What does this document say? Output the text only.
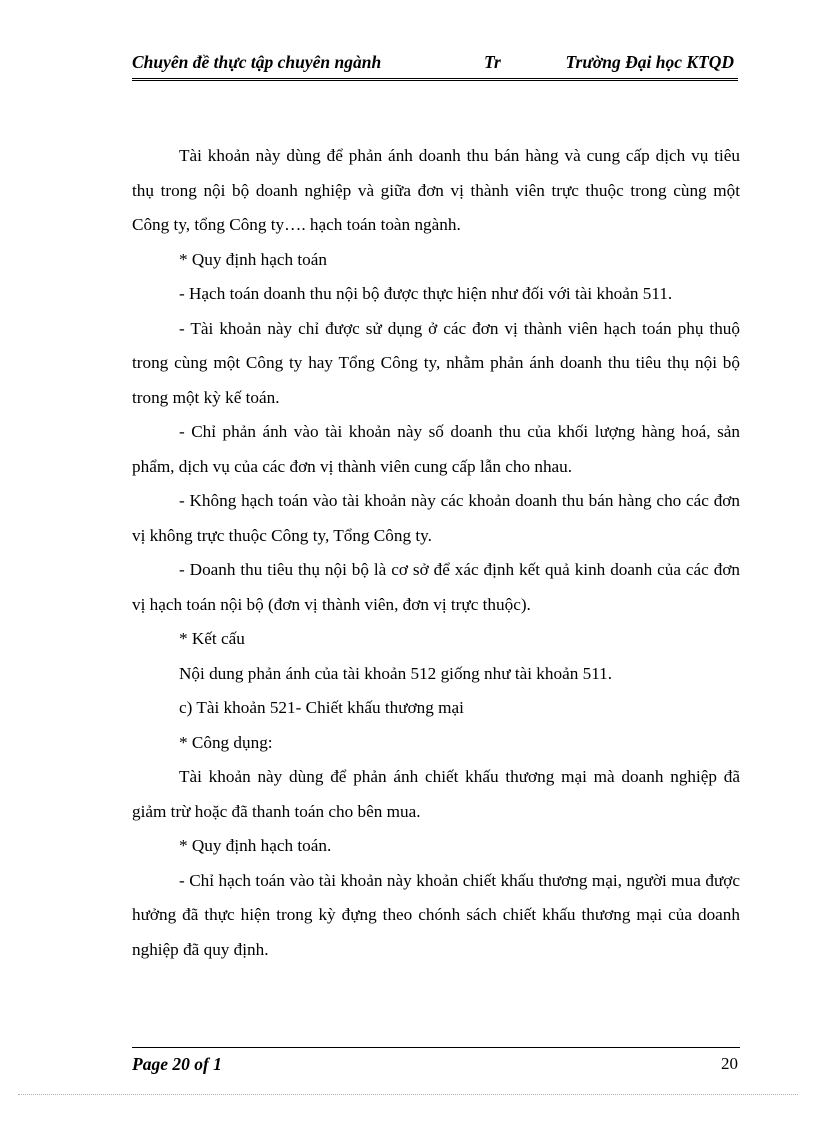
Chuyên đề thực tập chuyên ngành	Tr	Trường Đại học KTQD

Tài khoản này dùng để phản ánh doanh thu bán hàng và cung cấp dịch vụ tiêu thụ trong nội bộ doanh nghiệp và giữa đơn vị thành viên trực thuộc trong cùng một Công ty, tổng Công ty…. hạch toán toàn ngành.

* Quy định hạch toán

- Hạch toán doanh thu nội bộ được thực hiện như đối với tài khoản 511.

- Tài khoản này chỉ được sử dụng ở các đơn vị thành viên hạch toán phụ thuộ trong cùng một Công ty hay Tổng Công ty, nhằm phản ánh doanh thu tiêu thụ nội bộ trong một kỳ kế toán.

- Chỉ phản ánh vào tài khoản này số doanh thu của khối lượng hàng hoá, sản phẩm, dịch vụ của các đơn vị thành viên cung cấp lẫn cho nhau.

- Không hạch toán vào tài khoản này các khoản doanh thu bán hàng cho các đơn vị không trực thuộc Công ty, Tổng Công ty.

- Doanh thu tiêu thụ nội bộ là cơ sở để xác định kết quả kinh doanh của các đơn vị hạch toán nội bộ (đơn vị thành viên, đơn vị trực thuộc).

* Kết cấu

Nội dung phản ánh của tài khoản 512 giống như tài khoản 511.

c) Tài khoản 521- Chiết khấu thương mại

* Công dụng:

Tài khoản này dùng để phản ánh chiết khấu thương mại mà doanh nghiệp đã giảm trừ hoặc đã thanh toán cho bên mua.

* Quy định hạch toán.

- Chỉ hạch toán vào tài khoản này khoản chiết khấu thương mại, người mua được hưởng đã thực hiện trong kỳ đựng theo chónh sách chiết khấu thương mại của doanh nghiệp đã quy định.

Page 20 of 1	20
